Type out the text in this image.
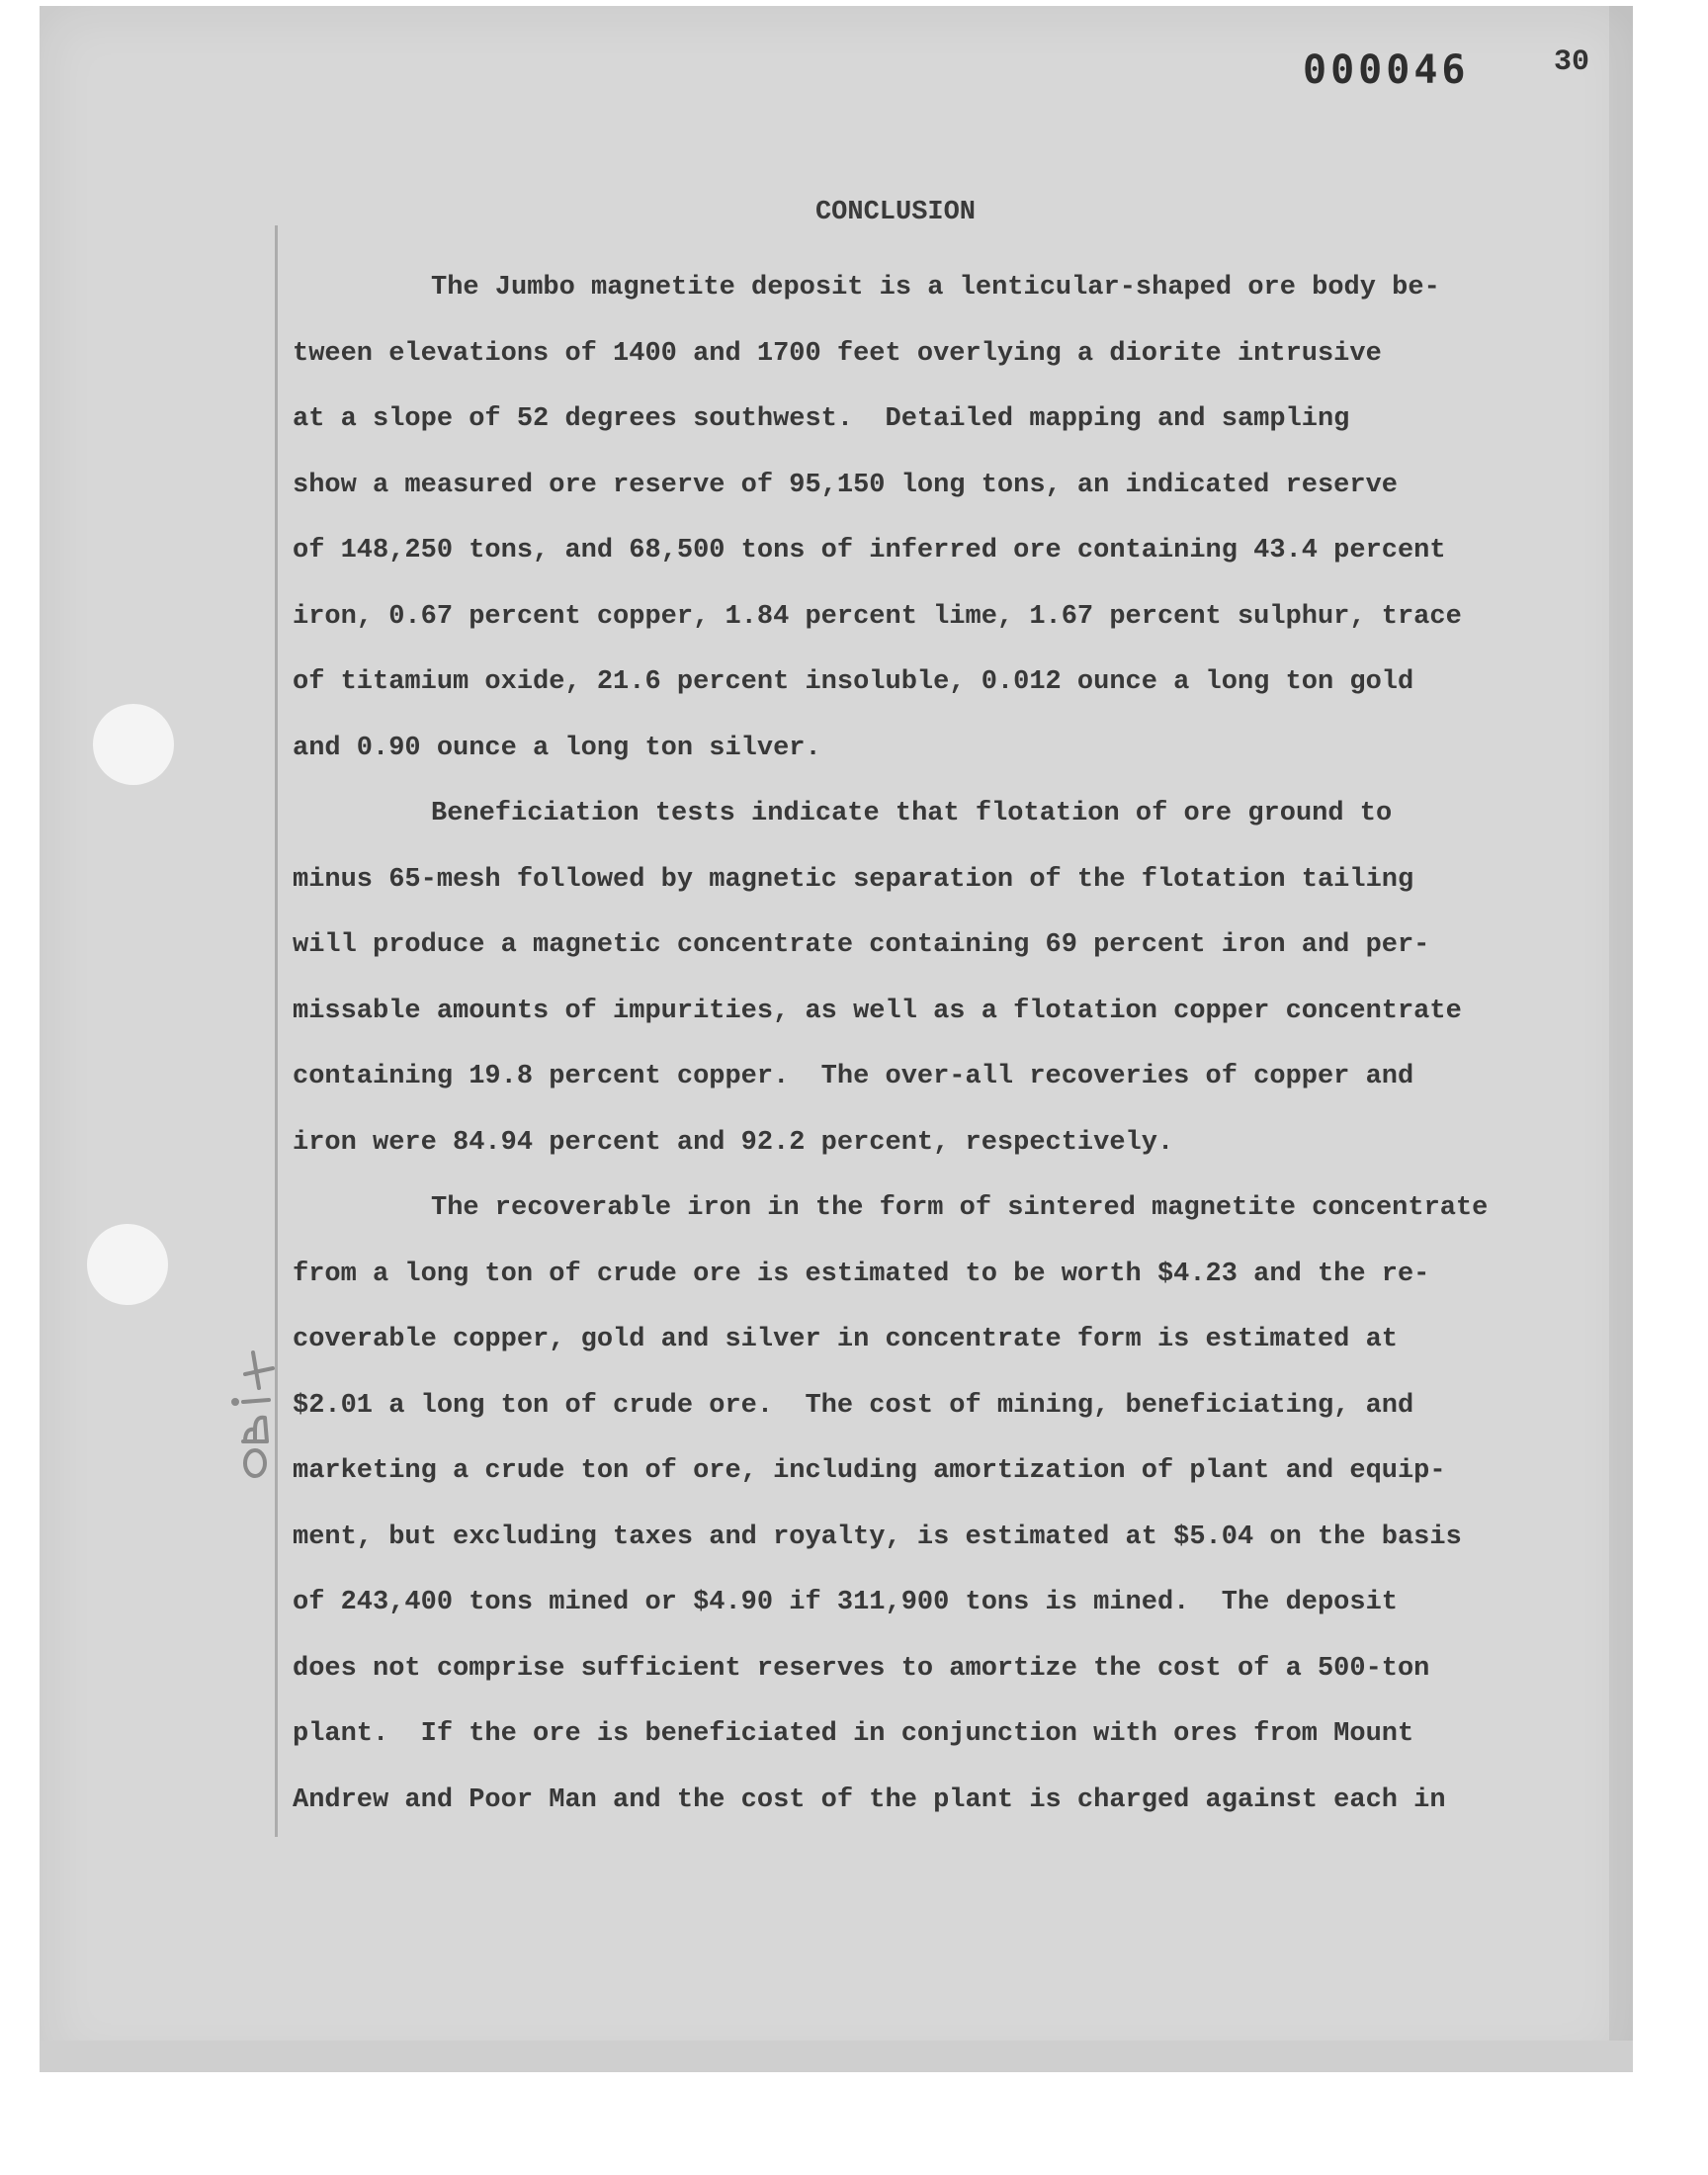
000046	30
CONCLUSION
The Jumbo magnetite deposit is a lenticular-shaped ore body be-
tween elevations of 1400 and 1700 feet overlying a diorite intrusive
at a slope of 52 degrees southwest.  Detailed mapping and sampling
show a measured ore reserve of 95,150 long tons, an indicated reserve
of 148,250 tons, and 68,500 tons of inferred ore containing 43.4 percent
iron, 0.67 percent copper, 1.84 percent lime, 1.67 percent sulphur, trace
of titamium oxide, 21.6 percent insoluble, 0.012 ounce a long ton gold
and 0.90 ounce a long ton silver.
Beneficiation tests indicate that flotation of ore ground to
minus 65-mesh followed by magnetic separation of the flotation tailing
will produce a magnetic concentrate containing 69 percent iron and per-
missable amounts of impurities, as well as a flotation copper concentrate
containing 19.8 percent copper.  The over-all recoveries of copper and
iron were 84.94 percent and 92.2 percent, respectively.
The recoverable iron in the form of sintered magnetite concentrate
from a long ton of crude ore is estimated to be worth $4.23 and the re-
coverable copper, gold and silver in concentrate form is estimated at
$2.01 a long ton of crude ore.  The cost of mining, beneficiating, and
marketing a crude ton of ore, including amortization of plant and equip-
ment, but excluding taxes and royalty, is estimated at $5.04 on the basis
of 243,400 tons mined or $4.90 if 311,900 tons is mined.  The deposit
does not comprise sufficient reserves to amortize the cost of a 500-ton
plant.  If the ore is beneficiated in conjunction with ores from Mount
Andrew and Poor Man and the cost of the plant is charged against each in
